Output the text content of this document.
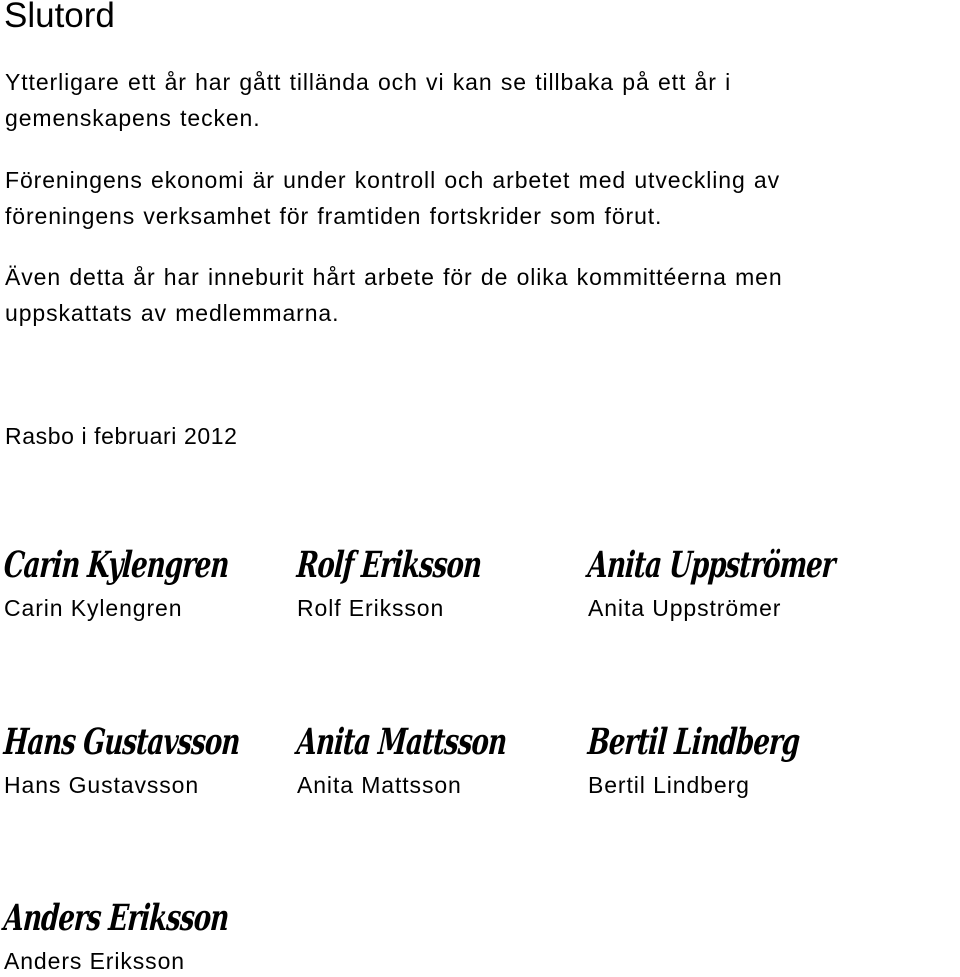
Slutord

Ytterligare ett år har gått tillända och vi kan se tillbaka på ett år i
gemenskapens tecken.

Föreningens ekonomi är under kontroll och arbetet med utveckling av
föreningens verksamhet för framtiden fortskrider som förut.

Även detta år har inneburit hårt arbete för de olika kommittéerna men
uppskattats av medlemmarna.

Rasbo i februari 2012

Carin Kylengren
Carin Kylengren
Rolf Eriksson
Rolf Eriksson
Anita Uppströmer
Anita Uppströmer
Hans Gustavsson
Hans Gustavsson
Anita Mattsson
Anita Mattsson
Bertil Lindberg
Bertil Lindberg
Anders Eriksson
Anders Eriksson
